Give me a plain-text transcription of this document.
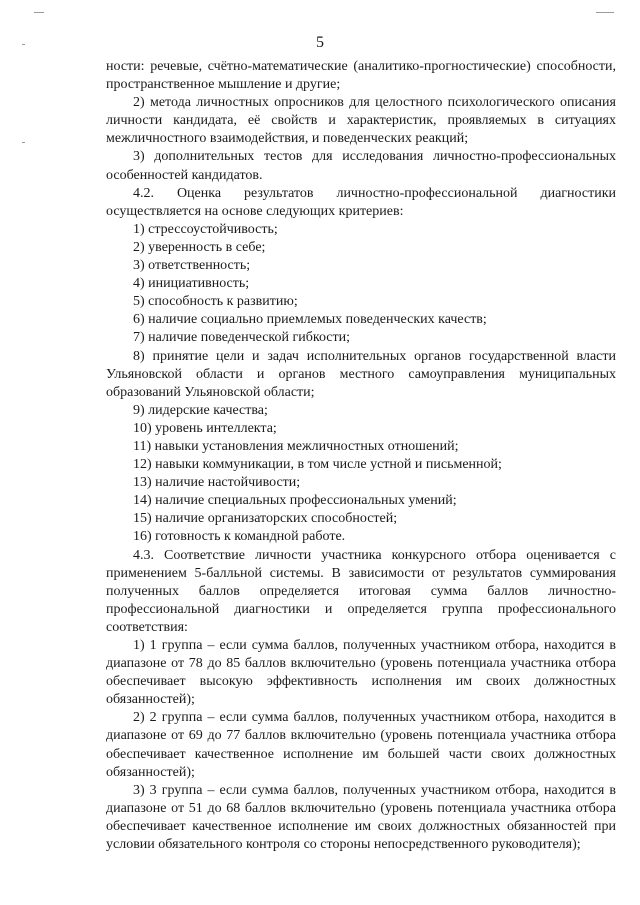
5

ности: речевые, счётно-математические (аналитико-прогностические) способности, пространственное мышление и другие;

2) метода личностных опросников для целостного психологического описания личности кандидата, её свойств и характеристик, проявляемых в ситуациях межличностного взаимодействия, и поведенческих реакций;

3) дополнительных тестов для исследования личностно-профессиональных особенностей кандидатов.

4.2. Оценка результатов личностно-профессиональной диагностики осуществляется на основе следующих критериев:

1) стрессоустойчивость;
2) уверенность в себе;
3) ответственность;
4) инициативность;
5) способность к развитию;
6) наличие социально приемлемых поведенческих качеств;
7) наличие поведенческой гибкости;

8) принятие цели и задач исполнительных органов государственной власти Ульяновской области и органов местного самоуправления муниципальных образований Ульяновской области;

9) лидерские качества;
10) уровень интеллекта;
11) навыки установления межличностных отношений;
12) навыки коммуникации, в том числе устной и письменной;
13) наличие настойчивости;
14) наличие специальных профессиональных умений;
15) наличие организаторских способностей;
16) готовность к командной работе.

4.3. Соответствие личности участника конкурсного отбора оценивается с применением 5-балльной системы. В зависимости от результатов суммирования полученных баллов определяется итоговая сумма баллов личностно-профессиональной диагностики и определяется группа профессионального соответствия:

1) 1 группа – если сумма баллов, полученных участником отбора, находится в диапазоне от 78 до 85 баллов включительно (уровень потенциала участника отбора обеспечивает высокую эффективность исполнения им своих должностных обязанностей);

2) 2 группа – если сумма баллов, полученных участником отбора, находится в диапазоне от 69 до 77 баллов включительно (уровень потенциала участника отбора обеспечивает качественное исполнение им большей части своих должностных обязанностей);

3) 3 группа – если сумма баллов, полученных участником отбора, находится в диапазоне от 51 до 68 баллов включительно (уровень потенциала участника отбора обеспечивает качественное исполнение им своих должностных обязанностей при условии обязательного контроля со стороны непосредственного руководителя);
